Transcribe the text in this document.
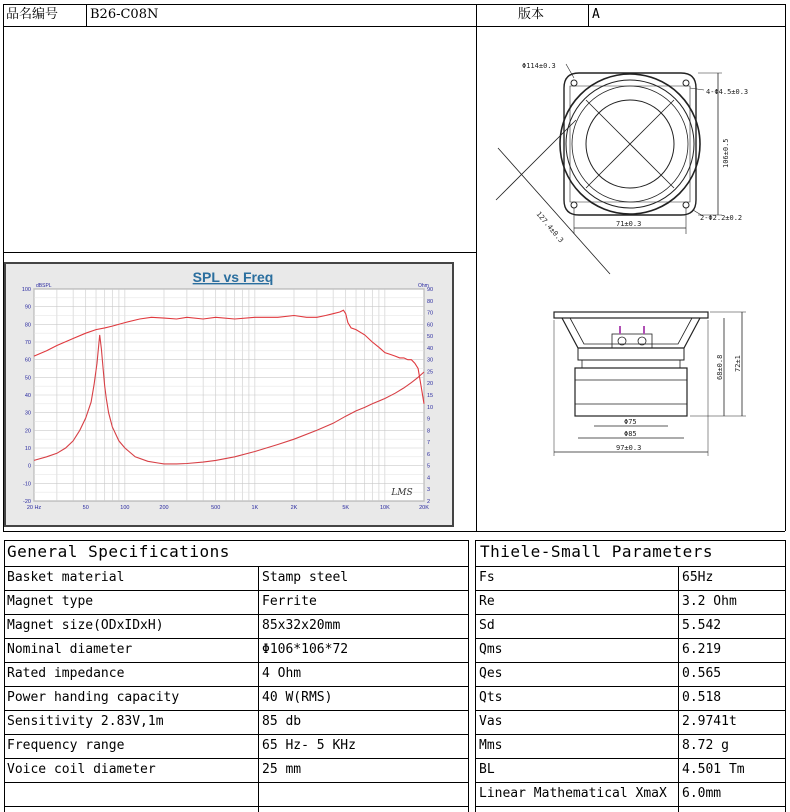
品名编号 B26-C08N	版本	A
SPL vs Freq
dBSPL	Ohm
100
90
80
70
60
50
40
30
20
10
0
-10
-20
90
80
70
60
50
40
30
25
20
15
10
9
8
7
6
5
4
3
2
20 Hz	50	100	200	500	1K	2K	5K	10K	20K
LMS
Φ114±0.3
4-Φ4.5±0.3
106±0.5
127.4±0.3	71±0.3
2-Φ2.2±0.2
68±0.8 72±1
Φ75
Φ85
97±0.3
General Specifications
Basket material	Stamp steel
Magnet type	Ferrite
Magnet size(ODxIDxH)	85x32x20mm
Nominal diameter	Φ106*106*72
Rated impedance	4 Ohm
Power handing capacity	40 W(RMS)
Sensitivity 2.83V,1m	85 db
Frequency range	65 Hz- 5 KHz
Voice coil diameter	25 mm
Thiele-Small Parameters
Fs	65Hz
Re	3.2 Ohm
Sd	5.542
Qms	6.219
Qes	0.565
Qts	0.518
Vas	2.9741t
Mms	8.72 g
BL	4.501 Tm
Linear Mathematical XmaX 6.0mm
